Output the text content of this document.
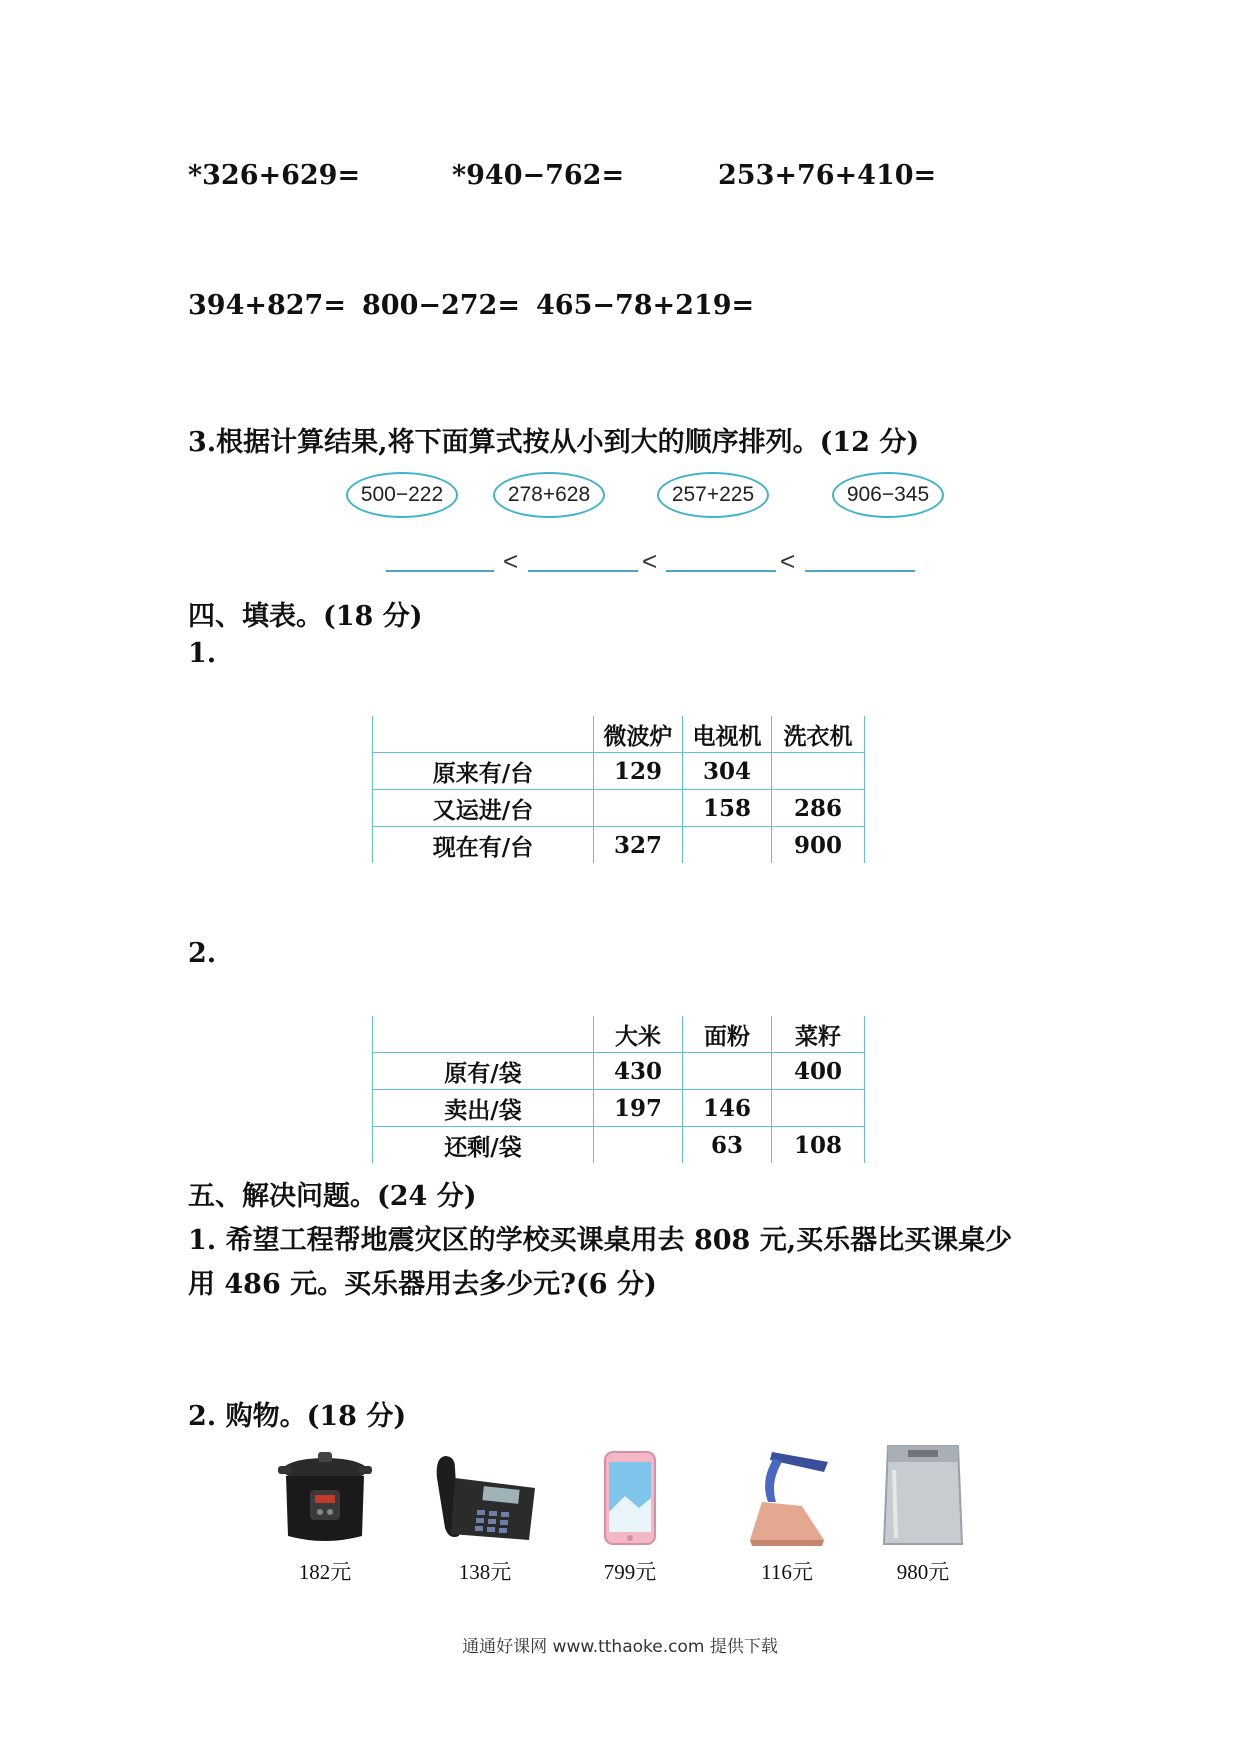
*326+629=	*940−762=	253+76+410=
394+827= 800−272= 465−78+219=
3.根据计算结果,将下面算式按从小到大的顺序排列。(12 分)
500−222	278+628	257+225	906−345
<	<	<
四、填表。(18 分)
1.
	微波炉	电视机	洗衣机
原来有/台	129	304	
又运进/台		158	286
现在有/台	327		900
2.
	大米	面粉	菜籽
原有/袋	430		400
卖出/袋	197	146	
还剩/袋		63	108
五、解决问题。(24 分)
1. 希望工程帮地震灾区的学校买课桌用去 808 元,买乐器比买课桌少
用 486 元。买乐器用去多少元?(6 分)
2. 购物。(18 分)
182元	138元	799元	116元	980元
通通好课网 www.tthaoke.com 提供下载
